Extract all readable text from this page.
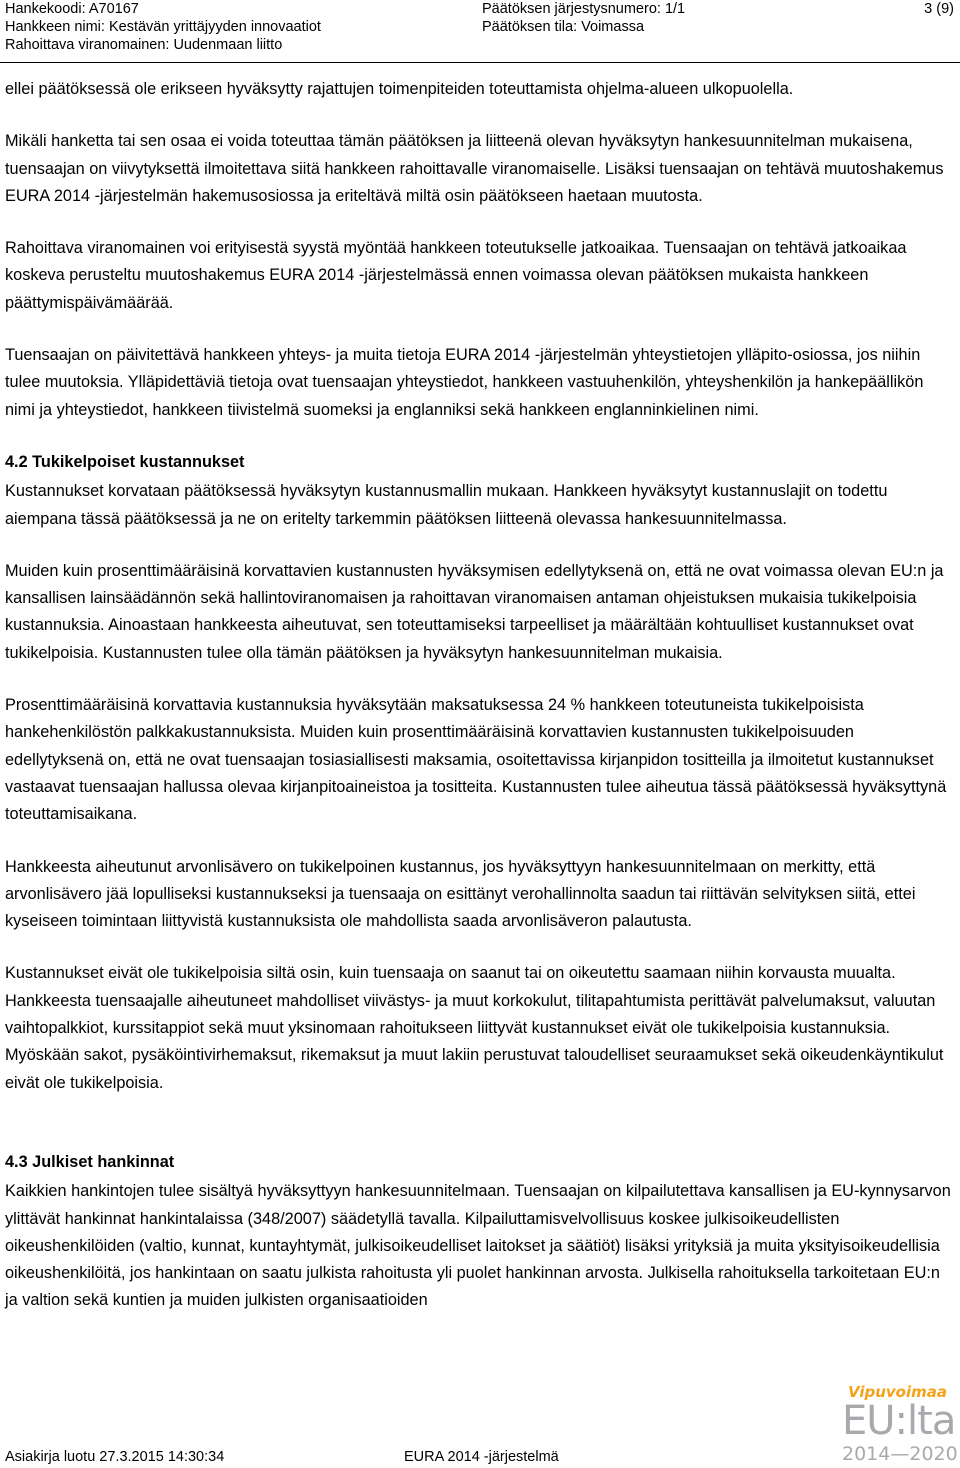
Hankekoodi: A70167
Hankkeen nimi: Kestävän yrittäjyyden innovaatiot
Rahoittava viranomainen: Uudenmaan liitto
Päätöksen järjestysnumero: 1/1
Päätöksen tila: Voimassa
3 (9)

ellei päätöksessä ole erikseen hyväksytty rajattujen toimenpiteiden toteuttamista ohjelma-alueen ulkopuolella.

Mikäli hanketta tai sen osaa ei voida toteuttaa tämän päätöksen ja liitteenä olevan hyväksytyn hankesuunnitelman mukaisena, tuensaajan on viivytyksettä ilmoitettava siitä hankkeen rahoittavalle viranomaiselle. Lisäksi tuensaajan on tehtävä muutoshakemus EURA 2014 -järjestelmän hakemusosiossa ja eriteltävä miltä osin päätökseen haetaan muutosta.

Rahoittava viranomainen voi erityisestä syystä myöntää hankkeen toteutukselle jatkoaikaa. Tuensaajan on tehtävä jatkoaikaa koskeva perusteltu muutoshakemus EURA 2014 -järjestelmässä ennen voimassa olevan päätöksen mukaista hankkeen päättymispäivämäärää.

Tuensaajan on päivitettävä hankkeen yhteys- ja muita tietoja EURA 2014 -järjestelmän yhteystietojen ylläpito-osiossa, jos niihin tulee muutoksia. Ylläpidettäviä tietoja ovat tuensaajan yhteystiedot, hankkeen vastuuhenkilön, yhteyshenkilön ja hankepäällikön nimi ja yhteystiedot, hankkeen tiivistelmä suomeksi ja englanniksi sekä hankkeen englanninkielinen nimi.

4.2 Tukikelpoiset kustannukset

Kustannukset korvataan päätöksessä hyväksytyn kustannusmallin mukaan. Hankkeen hyväksytyt kustannuslajit on todettu aiempana tässä päätöksessä ja ne on eritelty tarkemmin päätöksen liitteenä olevassa hankesuunnitelmassa.

Muiden kuin prosenttimääräisinä korvattavien kustannusten hyväksymisen edellytyksenä on, että ne ovat voimassa olevan EU:n ja kansallisen lainsäädännön sekä hallintoviranomaisen ja rahoittavan viranomaisen antaman ohjeistuksen mukaisia tukikelpoisia kustannuksia. Ainoastaan hankkeesta aiheutuvat, sen toteuttamiseksi tarpeelliset ja määrältään kohtuulliset kustannukset ovat tukikelpoisia. Kustannusten tulee olla tämän päätöksen ja hyväksytyn hankesuunnitelman mukaisia.

Prosenttimääräisinä korvattavia kustannuksia hyväksytään maksatuksessa 24 % hankkeen toteutuneista tukikelpoisista hankehenkilöstön palkkakustannuksista. Muiden kuin prosenttimääräisinä korvattavien kustannusten tukikelpoisuuden edellytyksenä on, että ne ovat tuensaajan tosiasiallisesti maksamia, osoitettavissa kirjanpidon tositteilla ja ilmoitetut kustannukset vastaavat tuensaajan hallussa olevaa kirjanpitoaineistoa ja tositteita. Kustannusten tulee aiheutua tässä päätöksessä hyväksyttynä toteuttamisaikana.

Hankkeesta aiheutunut arvonlisävero on tukikelpoinen kustannus, jos hyväksyttyyn hankesuunnitelmaan on merkitty, että arvonlisävero jää lopulliseksi kustannukseksi ja tuensaaja on esittänyt verohallinnolta saadun tai riittävän selvityksen siitä, ettei kyseiseen toimintaan liittyvistä kustannuksista ole mahdollista saada arvonlisäveron palautusta.

Kustannukset eivät ole tukikelpoisia siltä osin, kuin tuensaaja on saanut tai on oikeutettu saamaan niihin korvausta muualta. Hankkeesta tuensaajalle aiheutuneet mahdolliset viivästys- ja muut korkokulut, tilitapahtumista perittävät palvelumaksut, valuutan vaihtopalkkiot, kurssitappiot sekä muut yksinomaan rahoitukseen liittyvät kustannukset eivät ole tukikelpoisia kustannuksia. Myöskään sakot, pysäköintivirhemaksut, rikemaksut ja muut lakiin perustuvat taloudelliset seuraamukset sekä oikeudenkäyntikulut eivät ole tukikelpoisia.

4.3 Julkiset hankinnat

Kaikkien hankintojen tulee sisältyä hyväksyttyyn hankesuunnitelmaan. Tuensaajan on kilpailutettava kansallisen ja EU-kynnysarvon ylittävät hankinnat hankintalaissa (348/2007) säädetyllä tavalla. Kilpailuttamisvelvollisuus koskee julkisoikeudellisten oikeushenkilöiden (valtio, kunnat, kuntayhtymät, julkisoikeudelliset laitokset ja säätiöt) lisäksi yrityksiä ja muita yksityisoikeudellisia oikeushenkilöitä, jos hankintaan on saatu julkista rahoitusta yli puolet hankinnan arvosta. Julkisella rahoituksella tarkoitetaan EU:n ja valtion sekä kuntien ja muiden julkisten organisaatioiden

Asiakirja luotu 27.3.2015 14:30:34	EURA 2014 -järjestelmä
Vipuvoimaa
EU:lta
2014—2020
